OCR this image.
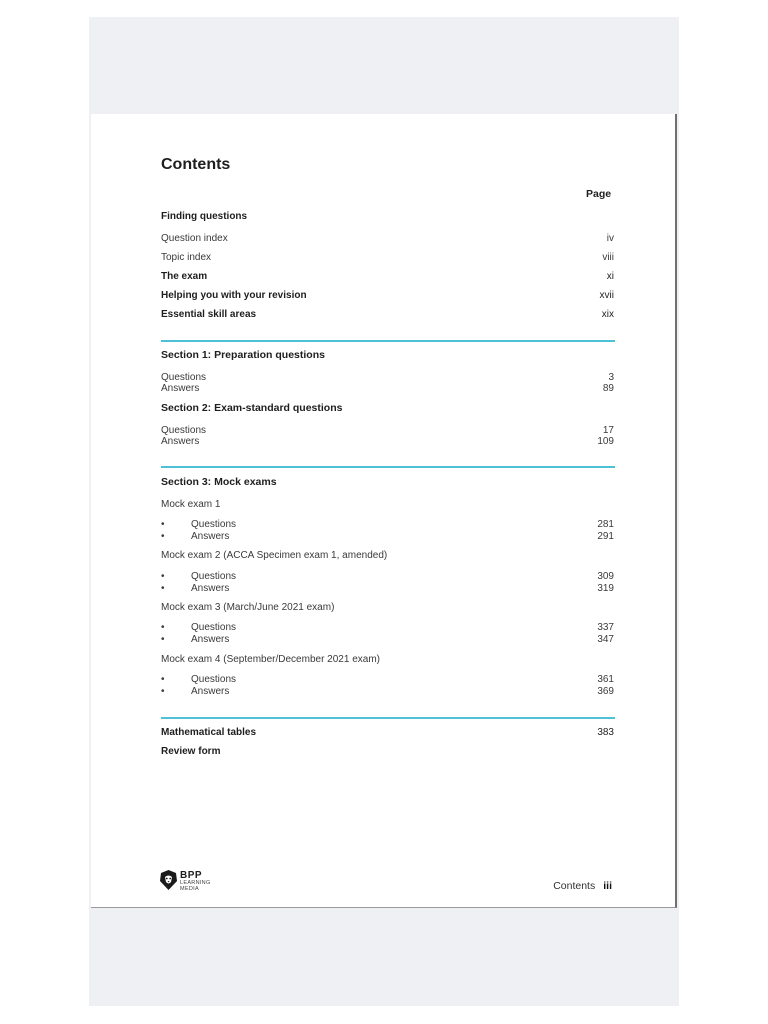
Contents
Page
Finding questions
Question index	iv
Topic index	viii
The exam	xi
Helping you with your revision	xvii
Essential skill areas	xix
Section 1: Preparation questions
Questions	3
Answers	89
Section 2: Exam-standard questions
Questions	17
Answers	109
Section 3: Mock exams
Mock exam 1
•	Questions	281
•	Answers	291
Mock exam 2 (ACCA Specimen exam 1, amended)
•	Questions	309
•	Answers	319
Mock exam 3 (March/June 2021 exam)
•	Questions	337
•	Answers	347
Mock exam 4 (September/December 2021 exam)
•	Questions	361
•	Answers	369
Mathematical tables	383
Review form
BPP
LEARNING
MEDIA	Contents iii
